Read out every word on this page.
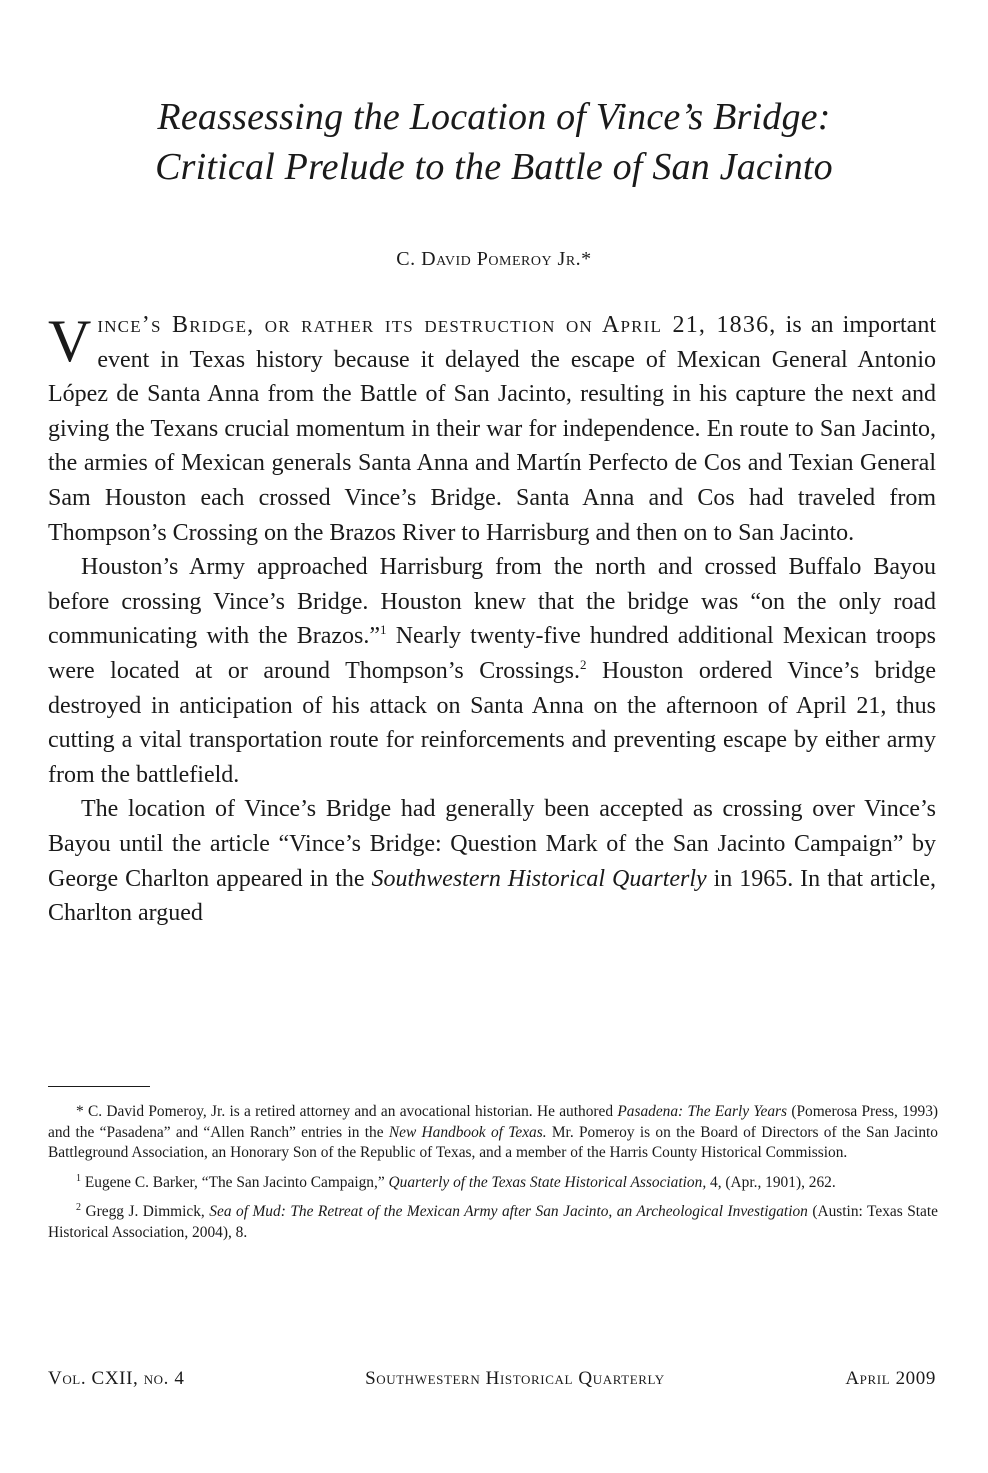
Reassessing the Location of Vince’s Bridge:
Critical Prelude to the Battle of San Jacinto
C. David Pomeroy Jr.*

Vince’s Bridge, or rather its destruction on April 21, 1836, is an important event in Texas history because it delayed the escape of Mexican General Antonio López de Santa Anna from the Battle of San Jacinto, resulting in his capture the next and giving the Texans crucial momentum in their war for independence. En route to San Jacinto, the armies of Mexican generals Santa Anna and Martín Perfecto de Cos and Texian General Sam Houston each crossed Vince’s Bridge. Santa Anna and Cos had traveled from Thompson’s Crossing on the Brazos River to Harrisburg and then on to San Jacinto.

Houston’s Army approached Harrisburg from the north and crossed Buffalo Bayou before crossing Vince’s Bridge. Houston knew that the bridge was “on the only road communicating with the Brazos.”$^1$ Nearly twenty-five hundred additional Mexican troops were located at or around Thompson’s Crossings.$^2$ Houston ordered Vince’s bridge destroyed in anticipation of his attack on Santa Anna on the afternoon of April 21, thus cutting a vital transportation route for reinforcements and preventing escape by either army from the battlefield.

The location of Vince’s Bridge had generally been accepted as crossing over Vince’s Bayou until the article “Vince’s Bridge: Question Mark of the San Jacinto Campaign” by George Charlton appeared in the Southwestern Historical Quarterly in 1965. In that article, Charlton argued

* C. David Pomeroy, Jr. is a retired attorney and an avocational historian. He authored Pasadena: The Early Years (Pomerosa Press, 1993) and the “Pasadena” and “Allen Ranch” entries in the New Handbook of Texas. Mr. Pomeroy is on the Board of Directors of the San Jacinto Battleground Association, an Honorary Son of the Republic of Texas, and a member of the Harris County Historical Commission.

$^1$ Eugene C. Barker, “The San Jacinto Campaign,” Quarterly of the Texas State Historical Association, 4, (Apr., 1901), 262.

$^2$ Gregg J. Dimmick, Sea of Mud: The Retreat of the Mexican Army after San Jacinto, an Archeological Investigation (Austin: Texas State Historical Association, 2004), 8.

Vol. CXII, no. 4	Southwestern Historical Quarterly	April 2009
